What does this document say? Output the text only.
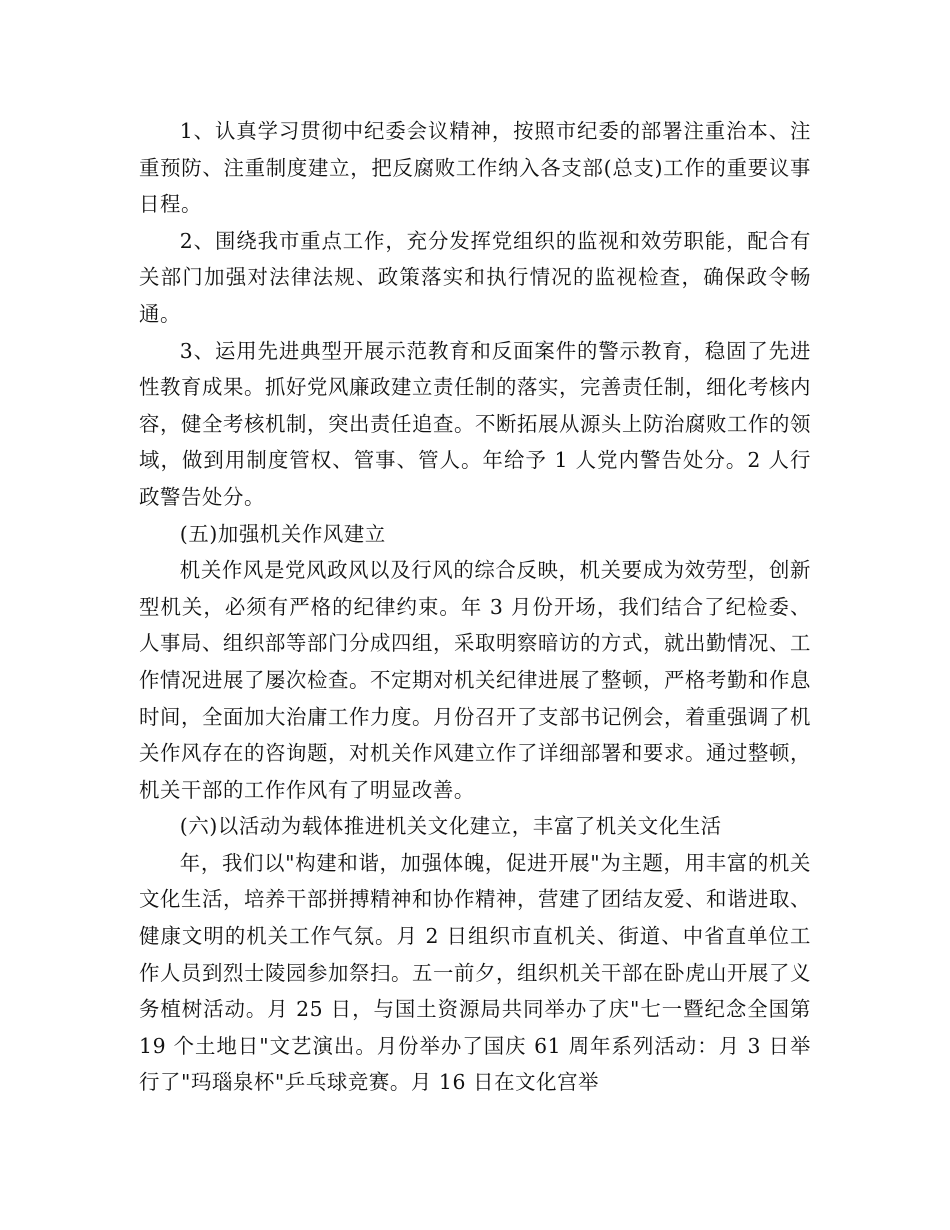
1、认真学习贯彻中纪委会议精神，按照市纪委的部署注重治本、注重预防、注重制度建立，把反腐败工作纳入各支部(总支)工作的重要议事日程。

2、围绕我市重点工作，充分发挥党组织的监视和效劳职能，配合有关部门加强对法律法规、政策落实和执行情况的监视检查，确保政令畅通。

3、运用先进典型开展示范教育和反面案件的警示教育，稳固了先进性教育成果。抓好党风廉政建立责任制的落实，完善责任制，细化考核内容，健全考核机制，突出责任追查。不断拓展从源头上防治腐败工作的领域，做到用制度管权、管事、管人。年给予 1 人党内警告处分。2 人行政警告处分。

(五)加强机关作风建立

机关作风是党风政风以及行风的综合反映，机关要成为效劳型，创新型机关，必须有严格的纪律约束。年 3 月份开场，我们结合了纪检委、人事局、组织部等部门分成四组，采取明察暗访的方式，就出勤情况、工作情况进展了屡次检查。不定期对机关纪律进展了整顿，严格考勤和作息时间，全面加大治庸工作力度。月份召开了支部书记例会，着重强调了机关作风存在的咨询题，对机关作风建立作了详细部署和要求。通过整顿，机关干部的工作作风有了明显改善。

(六)以活动为载体推进机关文化建立，丰富了机关文化生活

年，我们以"构建和谐，加强体魄，促进开展"为主题，用丰富的机关文化生活，培养干部拼搏精神和协作精神，营建了团结友爱、和谐进取、健康文明的机关工作气氛。月 2 日组织市直机关、街道、中省直单位工作人员到烈士陵园参加祭扫。五一前夕，组织机关干部在卧虎山开展了义务植树活动。月 25 日，与国土资源局共同举办了庆"七一暨纪念全国第 19 个土地日"文艺演出。月份举办了国庆 61 周年系列活动：月 3 日举行了"玛瑙泉杯"乒乓球竞赛。月 16 日在文化宫举
